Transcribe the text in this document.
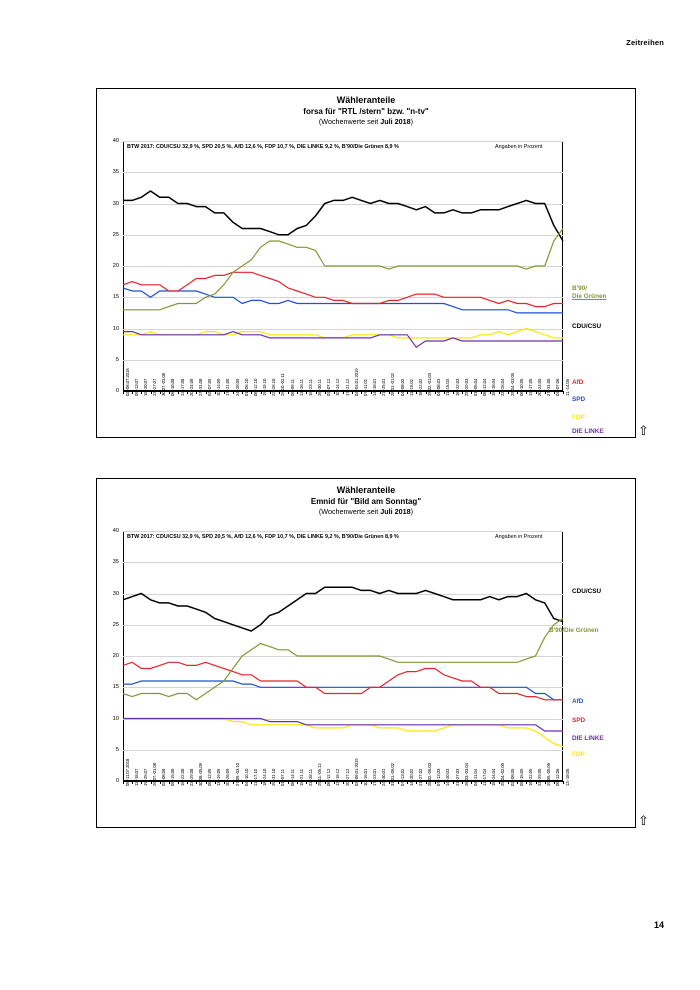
Zeitreihen
Wähleranteile
forsa für "RTL /stern" bzw. "n-tv"
(Wochenwerte seit Juli 2018)
BTW 2017: CDU/CSU 32,9 %, SPD 20,5 %, AfD 12,6 %, FDP 10,7 %, DIE LINKE 9,2 %, B'90/Die Grünen 8,9 %	Angaben in Prozent
0
5
10
15
20
25
30
35
40
02.-06.07.2018 09.-13.07 16.-20.07 23.-27.07 30.07.-03.08 06.-10.08 13.-17.08 20.-24.08 27.-31.08 03.-07.09 10.-14.09 17.-21.09 24.-28.09 01.-05.10 08.-12.10 15.-19.10 22.-26.10 29.10.-02.11 05.-09.11 12.-16.11 19.-23.11 26.-30.11 03.-07.12 10.-14.12 17.-21.12 02.-04.01.2019 07.-11.01 14.-18.01 21.-25.01 28.01.-01.02 04.-08.02 11.-15.02 18.-22.02 25.02.-01.03 04.-08.03 11.-15.03 18.-22.03 25.-29.03 01.-05.04 08.-12.04 15.-18.04 23.-26.04 29.04.-03.05 06.-10.05 13.-17.05 20.-24.05 27.-31.05 03.-07.06 11.-14.06
B'90/
Die Grünen
CDU/CSU
AfD
SPD
FDP
DIE LINKE	⇧
Wähleranteile
Emnid für "Bild am Sonntag"
(Wochenwerte seit Juli 2018)
BTW 2017: CDU/CSU 32,9 %, SPD 20,5 %, AfD 12,6 %, FDP 10,7 %, DIE LINKE 9,2 %, B'90/Die Grünen 8,9 %	Angaben in Prozent
0
5
10
15
20
25
30
35
40
05.-11.07.2018 12.-18.07 19.-25.07 26.07.-01.08 02.-08.08 09.-15.08 16.-22.08 23.-29.08 30.08.-05.09 06.-12.09 13.-19.09 20.-26.09 27.09.-03.10 04.-10.10 11.-17.10 18.-24.10 25.-31.10 01.-07.11 08.-14.11 15.-21.11 22.-28.11 29.11.-05.12 06.-12.12 13.-19.12 20.-27.12 03.-09.01.2019 10.-16.01 17.-23.01 24.-30.01 31.01.-06.02 07.-13.02 14.-20.02 21.-27.02 28.02.-06.03 07.-13.03 14.-20.03 21.-27.03 28.03.-03.04 04.-11.04 11.-17.04 18.-24.04 25.04.-02.05 02.-08.05 09.-15.05 16.-22.05 23.-29.05 29.05.-05.06 06.-12.06 13.-18.06
CDU/CSU
B'90/Die Grünen
AfD
SPD
DIE LINKE
FDP
⇧
14
